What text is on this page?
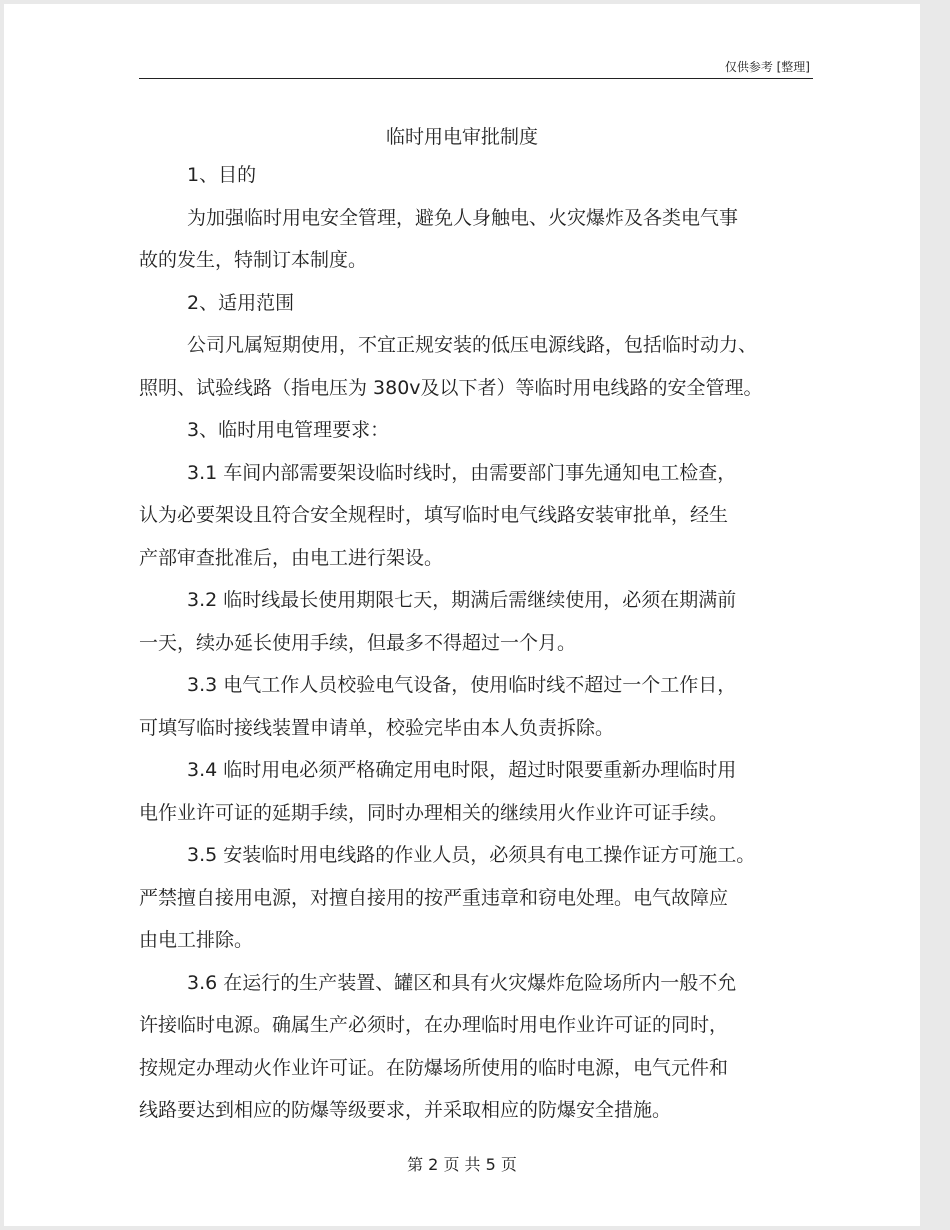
仅供参考 [整理]
临时用电审批制度
1、目的
为加强临时用电安全管理，避免人身触电、火灾爆炸及各类电气事
故的发生，特制订本制度。
2、适用范围
公司凡属短期使用，不宜正规安装的低压电源线路，包括临时动力、
照明、试验线路（指电压为 380v及以下者）等临时用电线路的安全管理。
3、临时用电管理要求：
3.1 车间内部需要架设临时线时，由需要部门事先通知电工检查，
认为必要架设且符合安全规程时，填写临时电气线路安装审批单，经生
产部审查批准后，由电工进行架设。
3.2 临时线最长使用期限七天，期满后需继续使用，必须在期满前
一天，续办延长使用手续，但最多不得超过一个月。
3.3 电气工作人员校验电气设备，使用临时线不超过一个工作日，
可填写临时接线装置申请单，校验完毕由本人负责拆除。
3.4 临时用电必须严格确定用电时限，超过时限要重新办理临时用
电作业许可证的延期手续，同时办理相关的继续用火作业许可证手续。
3.5 安装临时用电线路的作业人员，必须具有电工操作证方可施工。
严禁擅自接用电源，对擅自接用的按严重违章和窃电处理。电气故障应
由电工排除。
3.6 在运行的生产装置、罐区和具有火灾爆炸危险场所内一般不允
许接临时电源。确属生产必须时，在办理临时用电作业许可证的同时，
按规定办理动火作业许可证。在防爆场所使用的临时电源，电气元件和
线路要达到相应的防爆等级要求，并采取相应的防爆安全措施。
第 2 页 共 5 页
